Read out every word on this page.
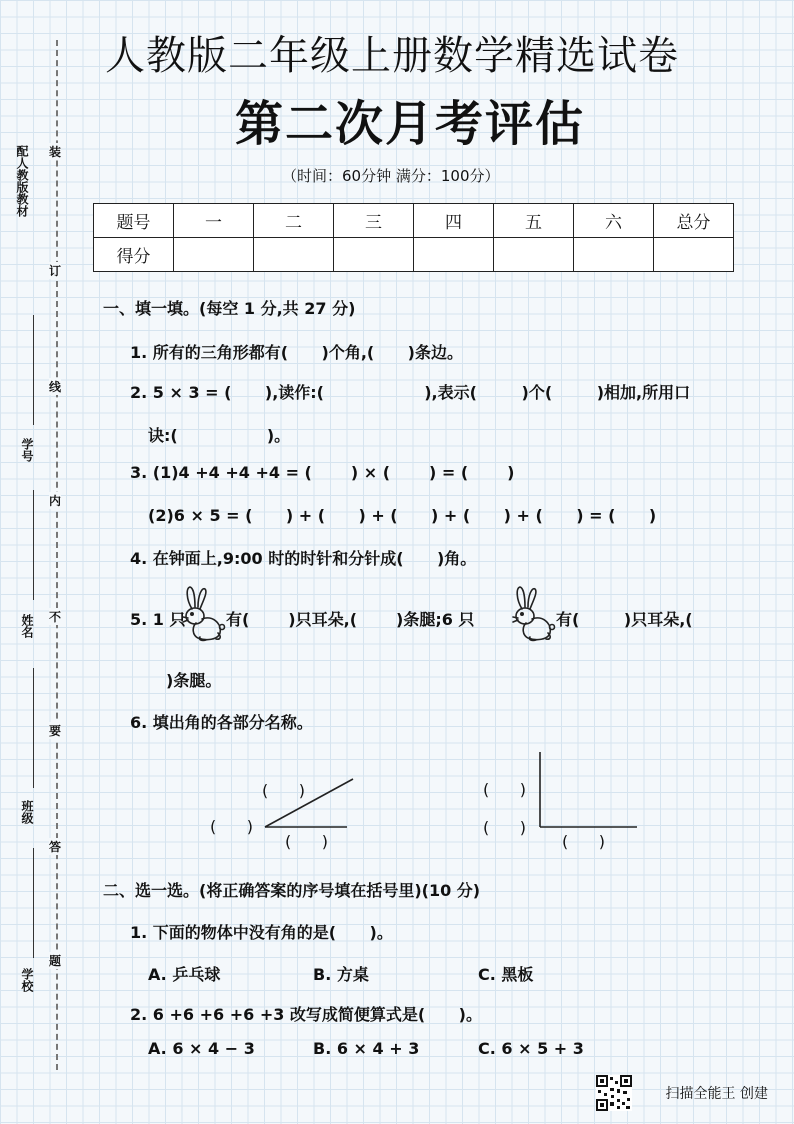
配人教版教材 装
订
线
内
不
要
答
题
学号
姓名
班级
学校
人教版二年级上册数学精选试卷
第二次月考评估
（时间：60分钟 满分：100分）
题号	一	二	三	四	五	六	总分
得分							
一、填一填。(每空 1 分,共 27 分)
1. 所有的三角形都有(      )个角,(      )条边。
2. 5 × 3 = (      ),读作:(                  ),表示(        )个(        )相加,所用口
诀:(                )。
3. (1)4 +4 +4 +4 = (       ) × (       ) = (       )
(2)6 × 5 = (      ) + (      ) + (      ) + (      ) + (      ) = (      )
4. 在钟面上,9:00 时的时针和分针成(      )角。
5. 1 只	有(       )只耳朵,(       )条腿;6 只	有(        )只耳朵,(
)条腿。
6. 填出角的各部分名称。
(      )
(      )
(      )
(      )
(      )
(      )
二、选一选。(将正确答案的序号填在括号里)(10 分)
1. 下面的物体中没有角的是(      )。
A. 乒乓球	B. 方桌	C. 黑板
2. 6 +6 +6 +6 +3 改写成简便算式是(      )。
A. 6 × 4 − 3	B. 6 × 4 + 3	C. 6 × 5 + 3
扫描全能王 创建
